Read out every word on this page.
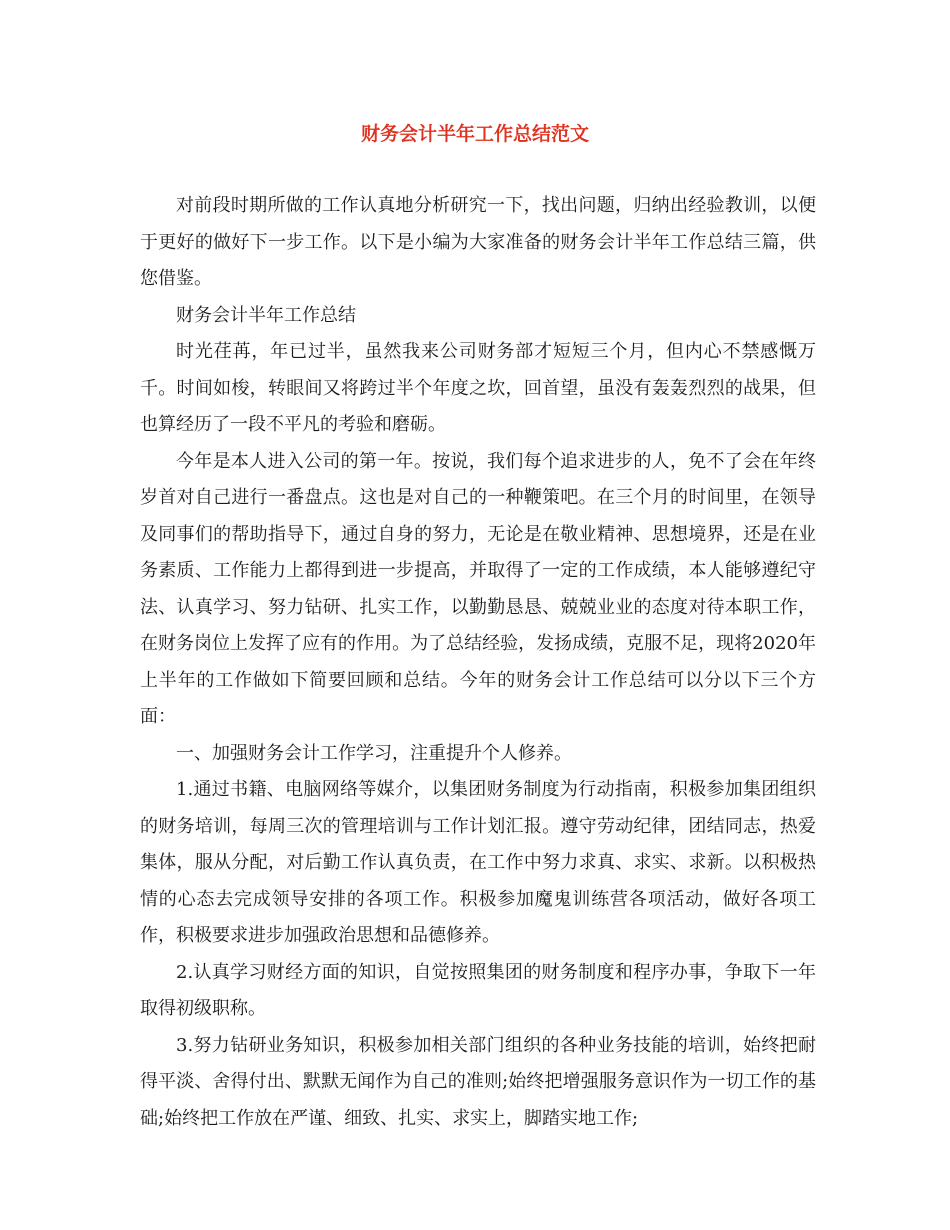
财务会计半年工作总结范文

对前段时期所做的工作认真地分析研究一下，找出问题，归纳出经验教训，以便于更好的做好下一步工作。以下是小编为大家准备的财务会计半年工作总结三篇，供您借鉴。

财务会计半年工作总结

时光荏苒，年已过半，虽然我来公司财务部才短短三个月，但内心不禁感慨万千。时间如梭，转眼间又将跨过半个年度之坎，回首望，虽没有轰轰烈烈的战果，但也算经历了一段不平凡的考验和磨砺。

今年是本人进入公司的第一年。按说，我们每个追求进步的人，免不了会在年终岁首对自己进行一番盘点。这也是对自己的一种鞭策吧。在三个月的时间里，在领导及同事们的帮助指导下，通过自身的努力，无论是在敬业精神、思想境界，还是在业务素质、工作能力上都得到进一步提高，并取得了一定的工作成绩，本人能够遵纪守法、认真学习、努力钻研、扎实工作，以勤勤恳恳、兢兢业业的态度对待本职工作，在财务岗位上发挥了应有的作用。为了总结经验，发扬成绩，克服不足，现将2020年上半年的工作做如下简要回顾和总结。今年的财务会计工作总结可以分以下三个方面：

一、加强财务会计工作学习，注重提升个人修养。

1.通过书籍、电脑网络等媒介，以集团财务制度为行动指南，积极参加集团组织的财务培训，每周三次的管理培训与工作计划汇报。遵守劳动纪律，团结同志，热爱集体，服从分配，对后勤工作认真负责，在工作中努力求真、求实、求新。以积极热情的心态去完成领导安排的各项工作。积极参加魔鬼训练营各项活动，做好各项工作，积极要求进步加强政治思想和品德修养。

2.认真学习财经方面的知识，自觉按照集团的财务制度和程序办事，争取下一年取得初级职称。

3.努力钻研业务知识，积极参加相关部门组织的各种业务技能的培训，始终把耐得平淡、舍得付出、默默无闻作为自己的准则;始终把增强服务意识作为一切工作的基础;始终把工作放在严谨、细致、扎实、求实上，脚踏实地工作;
